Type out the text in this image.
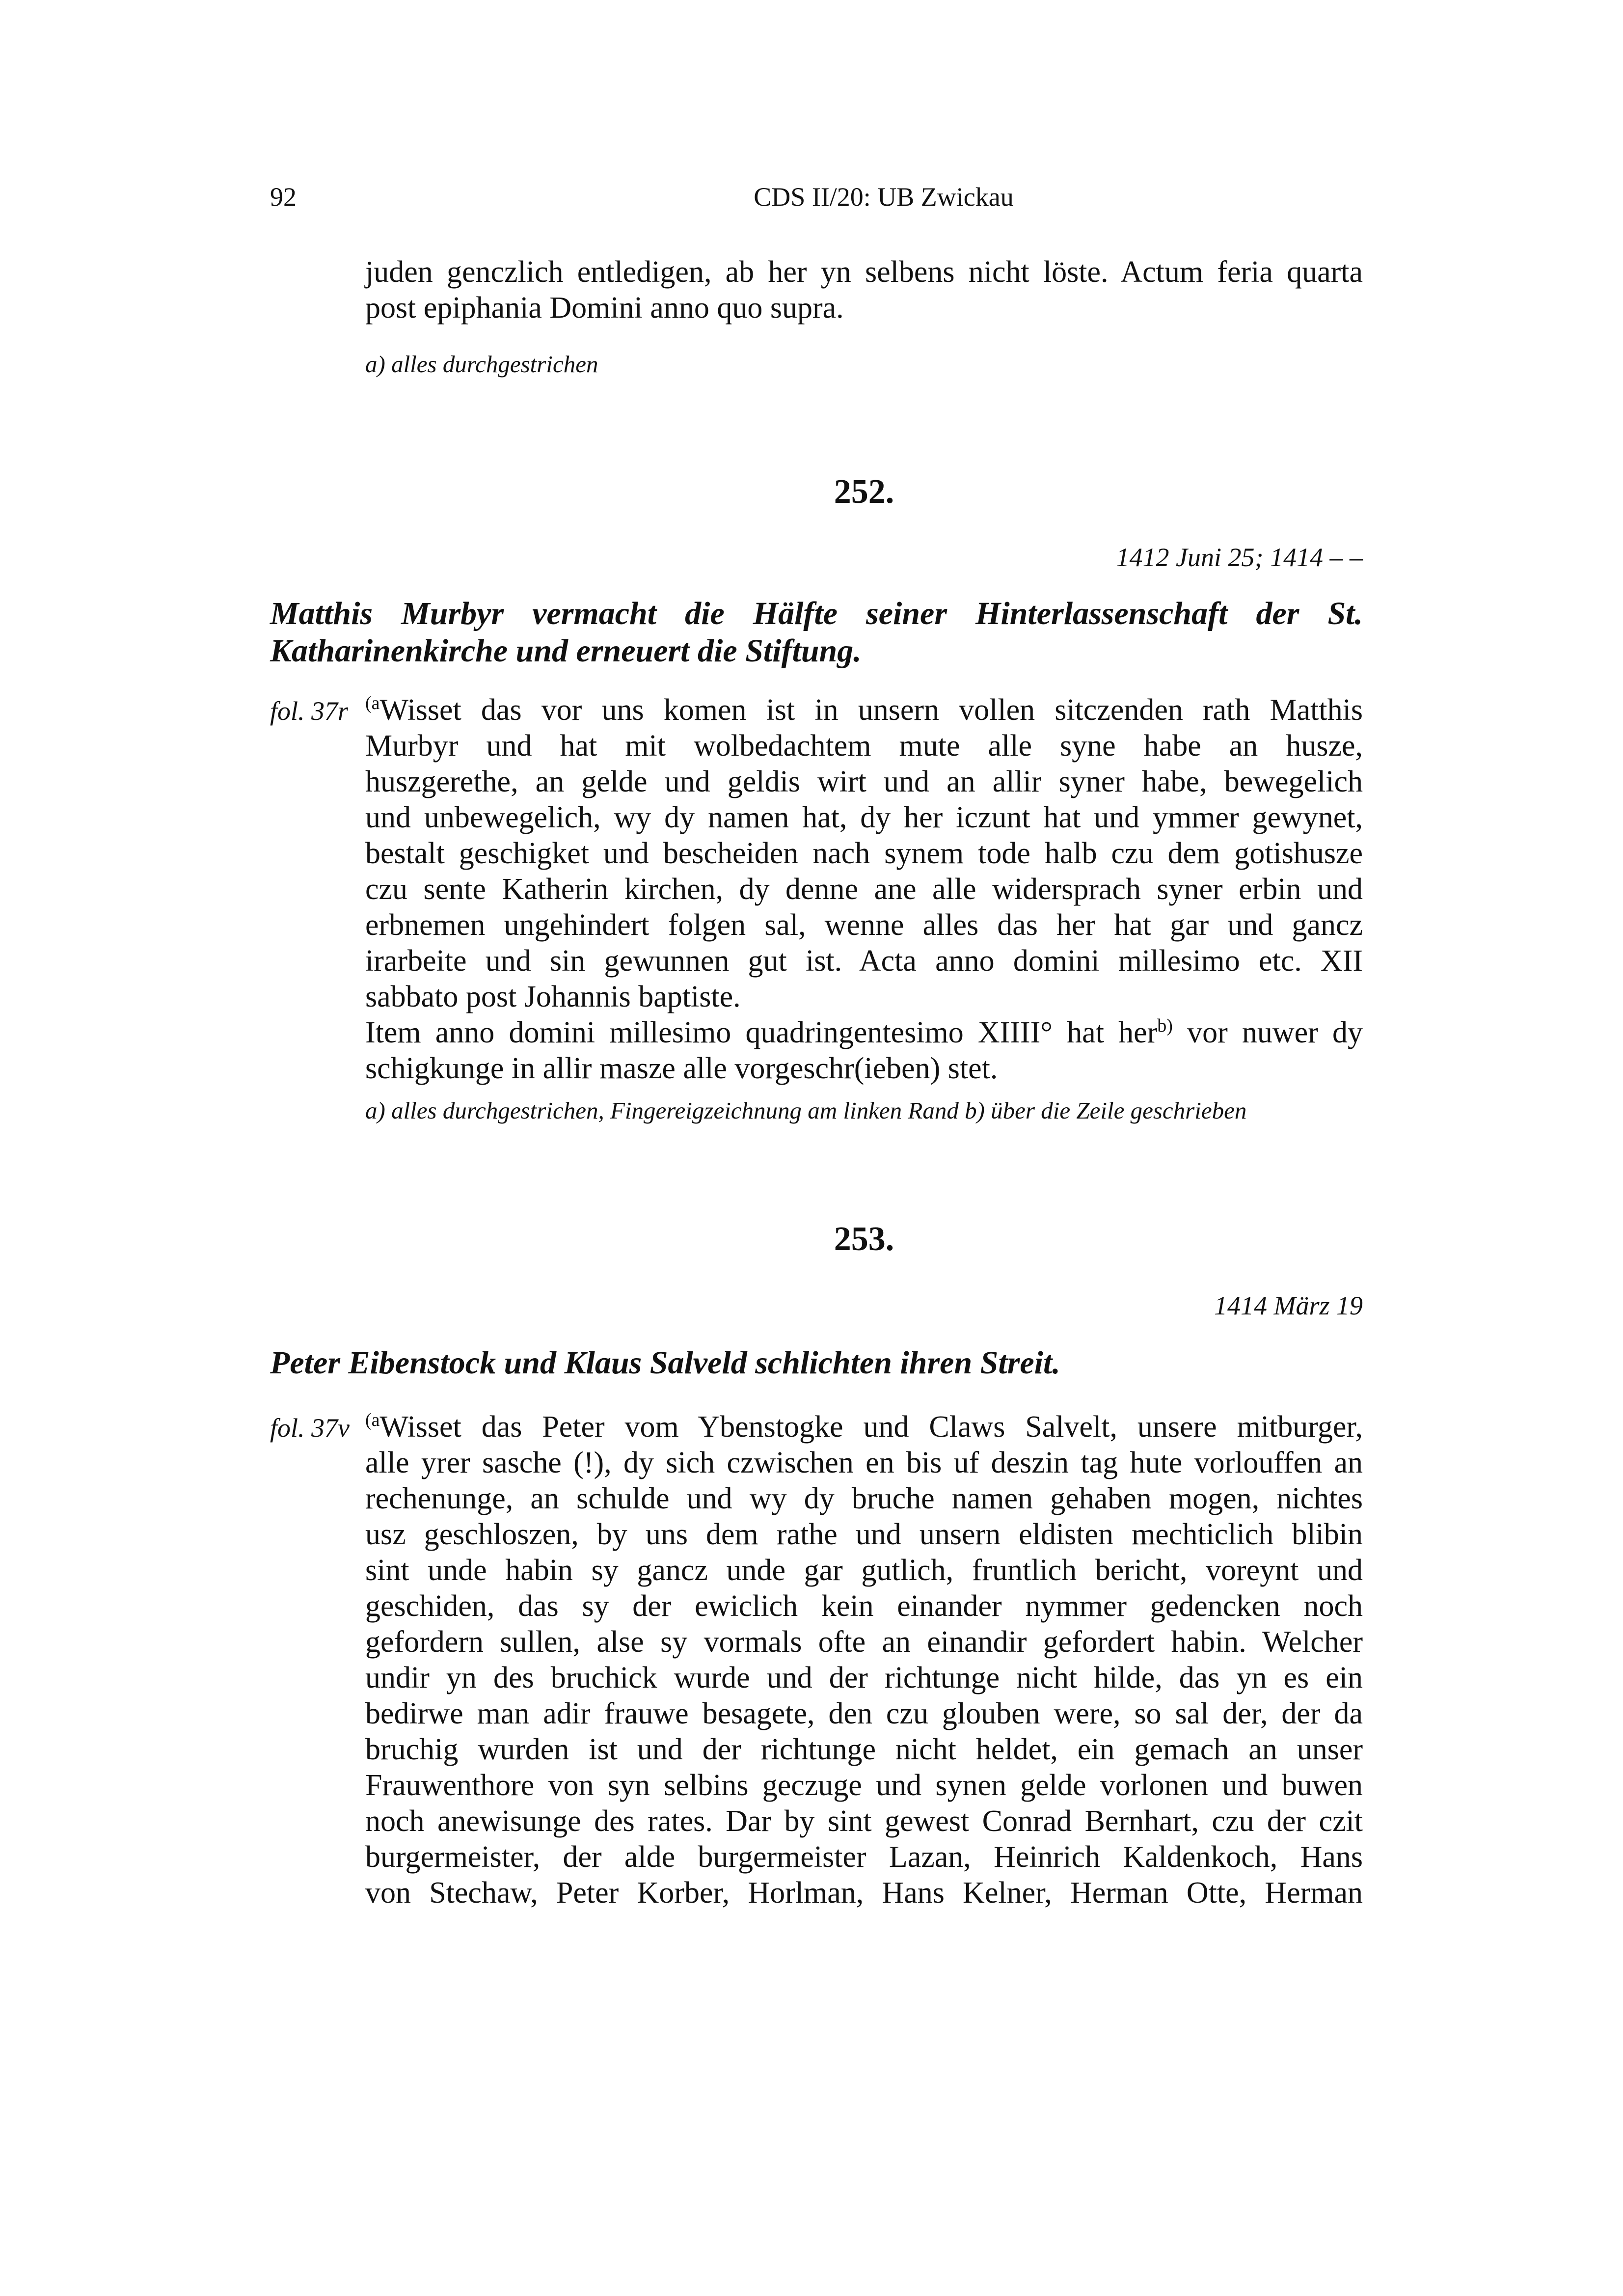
92	CDS II/20: UB Zwickau
juden genczlich entledigen, ab her yn selbens nicht löste. Actum feria quarta
post epiphania Domini anno quo supra.
a) alles durchgestrichen
252.
1412 Juni 25; 1414 – –
Matthis Murbyr vermacht die Hälfte seiner Hinterlassenschaft der St.
Katharinenkirche und erneuert die Stiftung.
fol. 37r $^{(a}$Wisset das vor uns komen ist in unsern vollen sitczenden rath Matthis
Murbyr und hat mit wolbedachtem mute alle syne habe an husze,
huszgerethe, an gelde und geldis wirt und an allir syner habe, bewegelich
und unbewegelich, wy dy namen hat, dy her iczunt hat und ymmer gewynet,
bestalt geschigket und bescheiden nach synem tode halb czu dem gotishusze
czu sente Katherin kirchen, dy denne ane alle widersprach syner erbin und
erbnemen ungehindert folgen sal, wenne alles das her hat gar und gancz
irarbeite und sin gewunnen gut ist. Acta anno domini millesimo etc. XII
sabbato post Johannis baptiste.
Item anno domini millesimo quadringentesimo XIIII° hat her$^{b)}$ vor nuwer dy
schigkunge in allir masze alle vorgeschr(ieben) stet.
a) alles durchgestrichen, Fingereigzeichnung am linken Rand b) über die Zeile geschrieben
253.
1414 März 19
Peter Eibenstock und Klaus Salveld schlichten ihren Streit.
fol. 37v $^{(a}$Wisset das Peter vom Ybenstogke und Claws Salvelt, unsere mitburger,
alle yrer sasche (!), dy sich czwischen en bis uf deszin tag hute vorlouffen an
rechenunge, an schulde und wy dy bruche namen gehaben mogen, nichtes
usz geschloszen, by uns dem rathe und unsern eldisten mechticlich blibin
sint unde habin sy gancz unde gar gutlich, fruntlich bericht, voreynt und
geschiden, das sy der ewiclich kein einander nymmer gedencken noch
gefordern sullen, alse sy vormals ofte an einandir gefordert habin. Welcher
undir yn des bruchick wurde und der richtunge nicht hilde, das yn es ein
bedirwe man adir frauwe besagete, den czu glouben were, so sal der, der da
bruchig wurden ist und der richtunge nicht heldet, ein gemach an unser
Frauwenthore von syn selbins geczuge und synen gelde vorlonen und buwen
noch anewisunge des rates. Dar by sint gewest Conrad Bernhart, czu der czit
burgermeister, der alde burgermeister Lazan, Heinrich Kaldenkoch, Hans
von Stechaw, Peter Korber, Horlman, Hans Kelner, Herman Otte, Herman
